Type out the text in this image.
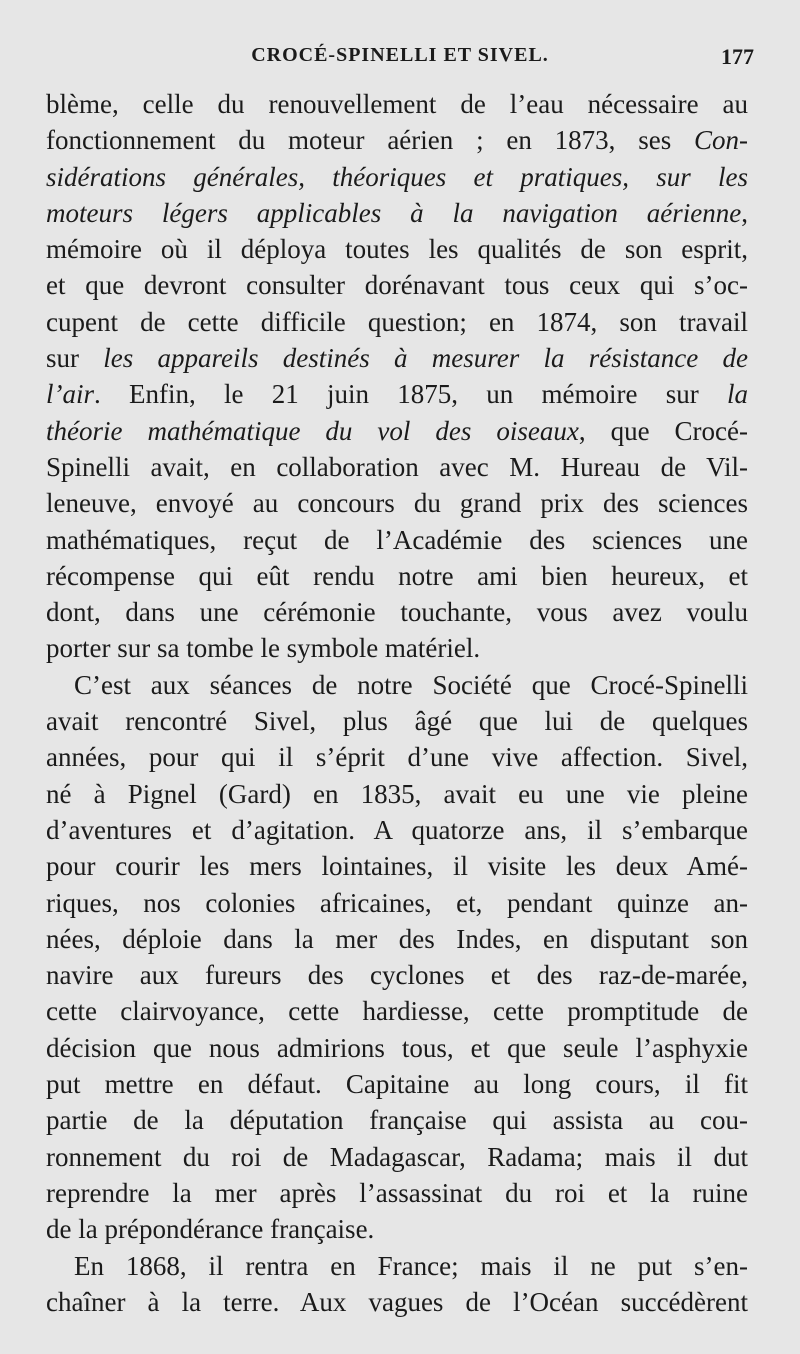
CROCÉ-SPINELLI ET SIVEL.	177
blème, celle du renouvellement de l’eau nécessaire au
fonctionnement du moteur aérien ; en 1873, ses Con-
sidérations générales, théoriques et pratiques, sur les
moteurs légers applicables à la navigation aérienne,
mémoire où il déploya toutes les qualités de son esprit,
et que devront consulter dorénavant tous ceux qui s’oc-
cupent de cette difficile question; en 1874, son travail
sur les appareils destinés à mesurer la résistance de
l’air. Enfin, le 21 juin 1875, un mémoire sur la
théorie mathématique du vol des oiseaux, que Crocé-
Spinelli avait, en collaboration avec M. Hureau de Vil-
leneuve, envoyé au concours du grand prix des sciences
mathématiques, reçut de l’Académie des sciences une
récompense qui eût rendu notre ami bien heureux, et
dont, dans une cérémonie touchante, vous avez voulu
porter sur sa tombe le symbole matériel.
C’est aux séances de notre Société que Crocé-Spinelli
avait rencontré Sivel, plus âgé que lui de quelques
années, pour qui il s’éprit d’une vive affection. Sivel,
né à Pignel (Gard) en 1835, avait eu une vie pleine
d’aventures et d’agitation. A quatorze ans, il s’embarque
pour courir les mers lointaines, il visite les deux Amé-
riques, nos colonies africaines, et, pendant quinze an-
nées, déploie dans la mer des Indes, en disputant son
navire aux fureurs des cyclones et des raz-de-marée,
cette clairvoyance, cette hardiesse, cette promptitude de
décision que nous admirions tous, et que seule l’asphyxie
put mettre en défaut. Capitaine au long cours, il fit
partie de la députation française qui assista au cou-
ronnement du roi de Madagascar, Radama; mais il dut
reprendre la mer après l’assassinat du roi et la ruine
de la prépondérance française.
En 1868, il rentra en France; mais il ne put s’en-
chaîner à la terre. Aux vagues de l’Océan succédèrent
